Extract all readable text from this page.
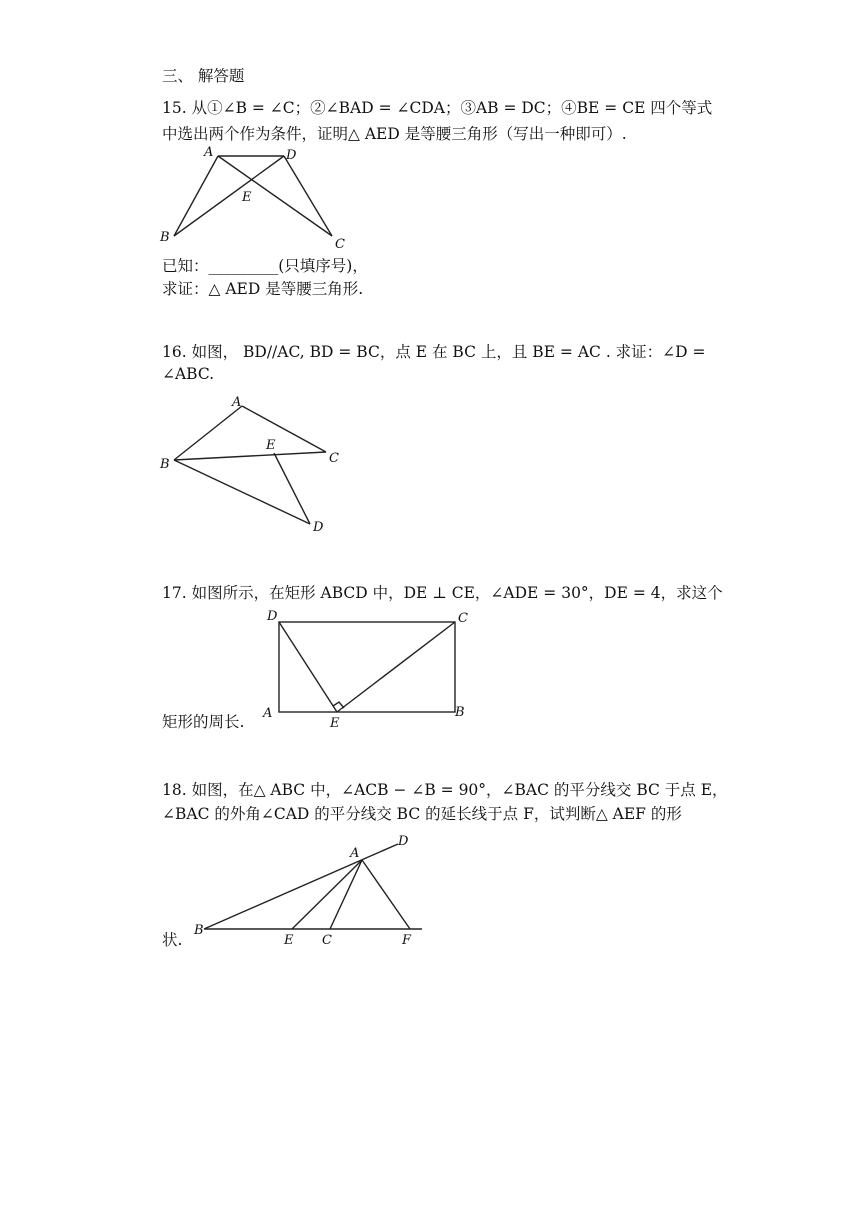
三、 解答题
15. 从①∠B = ∠C；②∠BAD = ∠CDA；③AB = DC；④BE = CE 四个等式
中选出两个作为条件，证明△ AED 是等腰三角形（写出一种即可）.
A	D
E
B	C
已知：_________(只填序号)，
求证：△ AED 是等腰三角形.
16. 如图， BD//AC, BD = BC，点 E 在 BC 上，且 BE = AC . 求证：∠D =
∠ABC.
A
B	C
E
D
17. 如图所示，在矩形 ABCD 中，DE ⊥ CE，∠ADE = 30°，DE = 4，求这个
D	C
A	B
E
矩形的周长.
18. 如图，在△ ABC 中，∠ACB − ∠B = 90°，∠BAC 的平分线交 BC 于点 E，
∠BAC 的外角∠CAD 的平分线交 BC 的延长线于点 F，试判断△ AEF 的形
A
D
B
E C	F
状.
